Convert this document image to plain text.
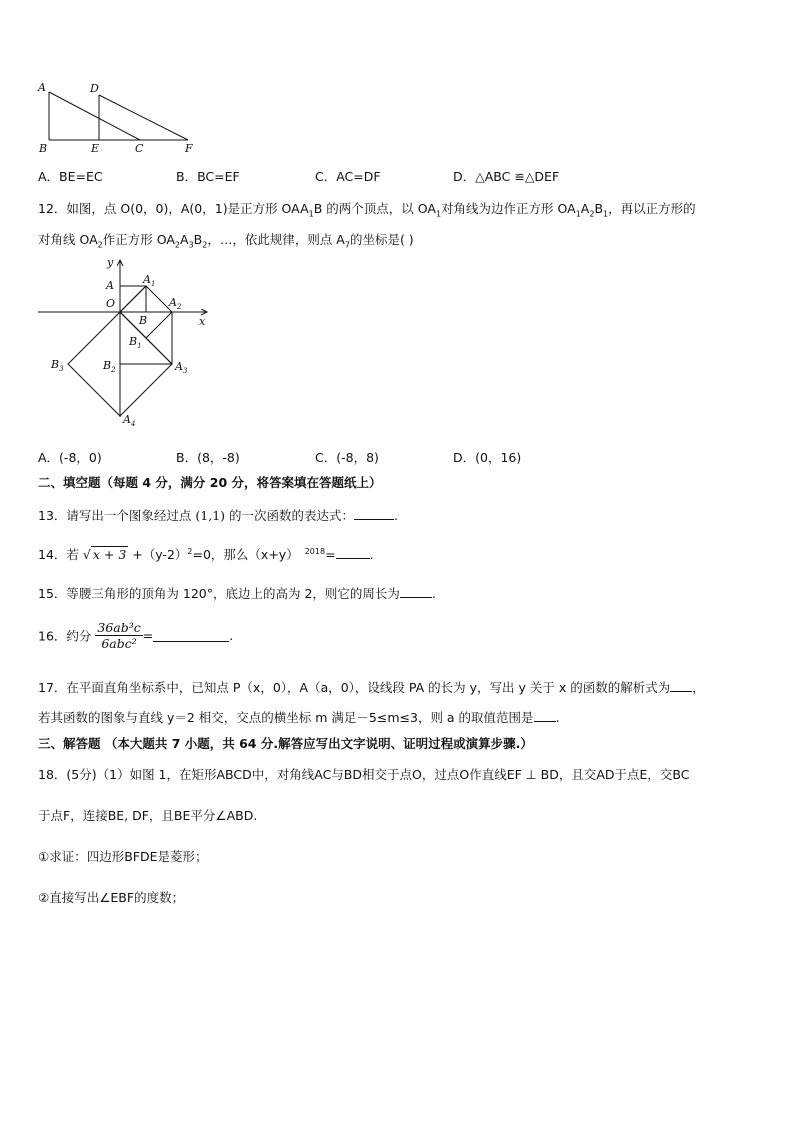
A	D
B	E	C	F
A．BE=EC	B．BC=EF	C．AC=DF	D．△ABC ≌△DEF
12．如图，点 O(0，0)，A(0，1)是正方形 $OAA_1B$ 的两个顶点，以 $OA_1$对角线为边作正方形 $OA_1A_2B_1$，再以正方形的
对角线 $OA_2$作正方形 $OA_2A_3B_2$，…，依此规律，则点 $A_7$的坐标是( )
y
x
O
A	$A_1$
$A_2$
$A_3$
$A_4$
B
$B_1$
$B_2$
$B_3$
A．(-8，0)	B．(8，-8)	C．(-8，8)	D．(0，16)
二、填空题（每题 4 分，满分 20 分，将答案填在答题纸上）
13．请写出一个图象经过点 (1,1) 的一次函数的表达式：	.
14．若 √ $x + 3 +(y-2)^2=0$，那么（x+y） $^{2018}$=	.
15．等腰三角形的顶角为 120°，底边上的高为 2，则它的周长为	.
16．约分 $\frac{\text{36ab³c}}{\text{6abc²}}$ =	.
17．在平面直角坐标系中，已知点 P（x，0），A（a，0），设线段 PA 的长为 y，写出 y 关于 x 的函数的解析式为 ，
若其函数的图象与直线 y＝2 相交，交点的横坐标 m 满足－5≤m≤3，则 a 的取值范围是 .
三、解答题 （本大题共 7 小题，共 64 分.解答应写出文字说明、证明过程或演算步骤.）
18．(5分)（1）如图 1，在矩形ABCD中，对角线AC与BD相交于点O，过点O作直线EF ⊥ BD，且交AD于点E，交BC
于点F，连接BE, DF，且BE平分∠ABD.
①求证：四边形BFDE是菱形；
②直接写出∠EBF的度数；
